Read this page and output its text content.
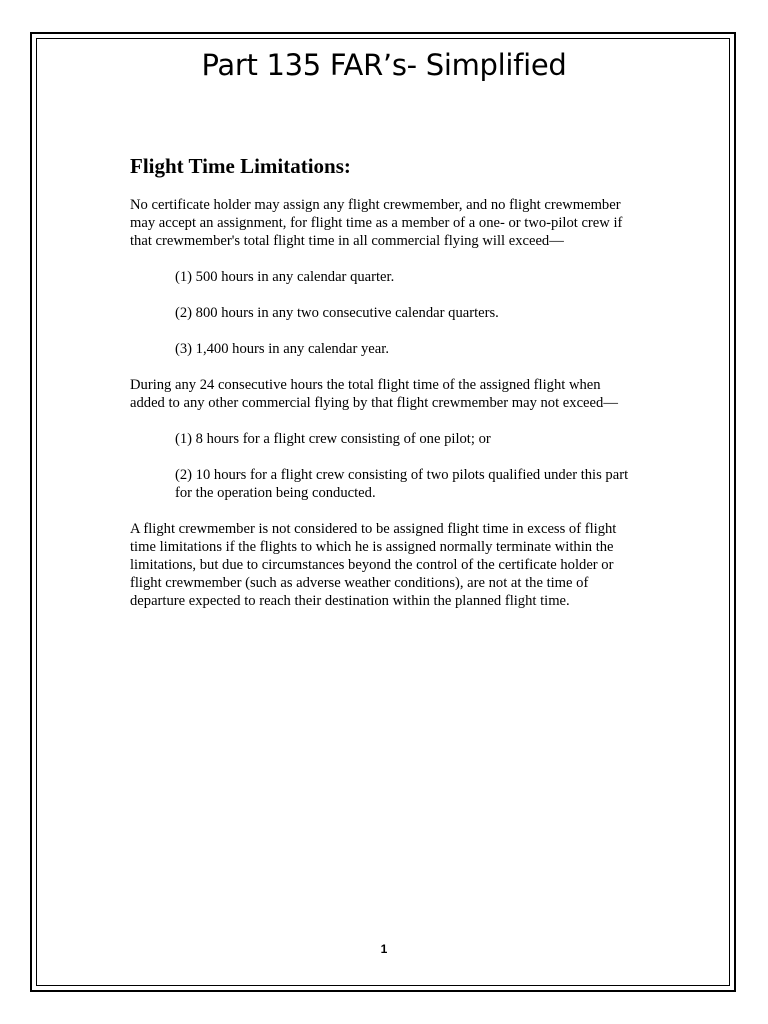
Part 135 FAR’s- Simplified
Flight Time Limitations:

No certificate holder may assign any flight crewmember, and no flight crewmember may accept an assignment, for flight time as a member of a one- or two-pilot crew if that crewmember's total flight time in all commercial flying will exceed—

(1) 500 hours in any calendar quarter.

(2) 800 hours in any two consecutive calendar quarters.

(3) 1,400 hours in any calendar year.

During any 24 consecutive hours the total flight time of the assigned flight when added to any other commercial flying by that flight crewmember may not exceed—

(1) 8 hours for a flight crew consisting of one pilot; or

(2) 10 hours for a flight crew consisting of two pilots qualified under this part for the operation being conducted.

A flight crewmember is not considered to be assigned flight time in excess of flight time limitations if the flights to which he is assigned normally terminate within the limitations, but due to circumstances beyond the control of the certificate holder or flight crewmember (such as adverse weather conditions), are not at the time of departure expected to reach their destination within the planned flight time.

1
